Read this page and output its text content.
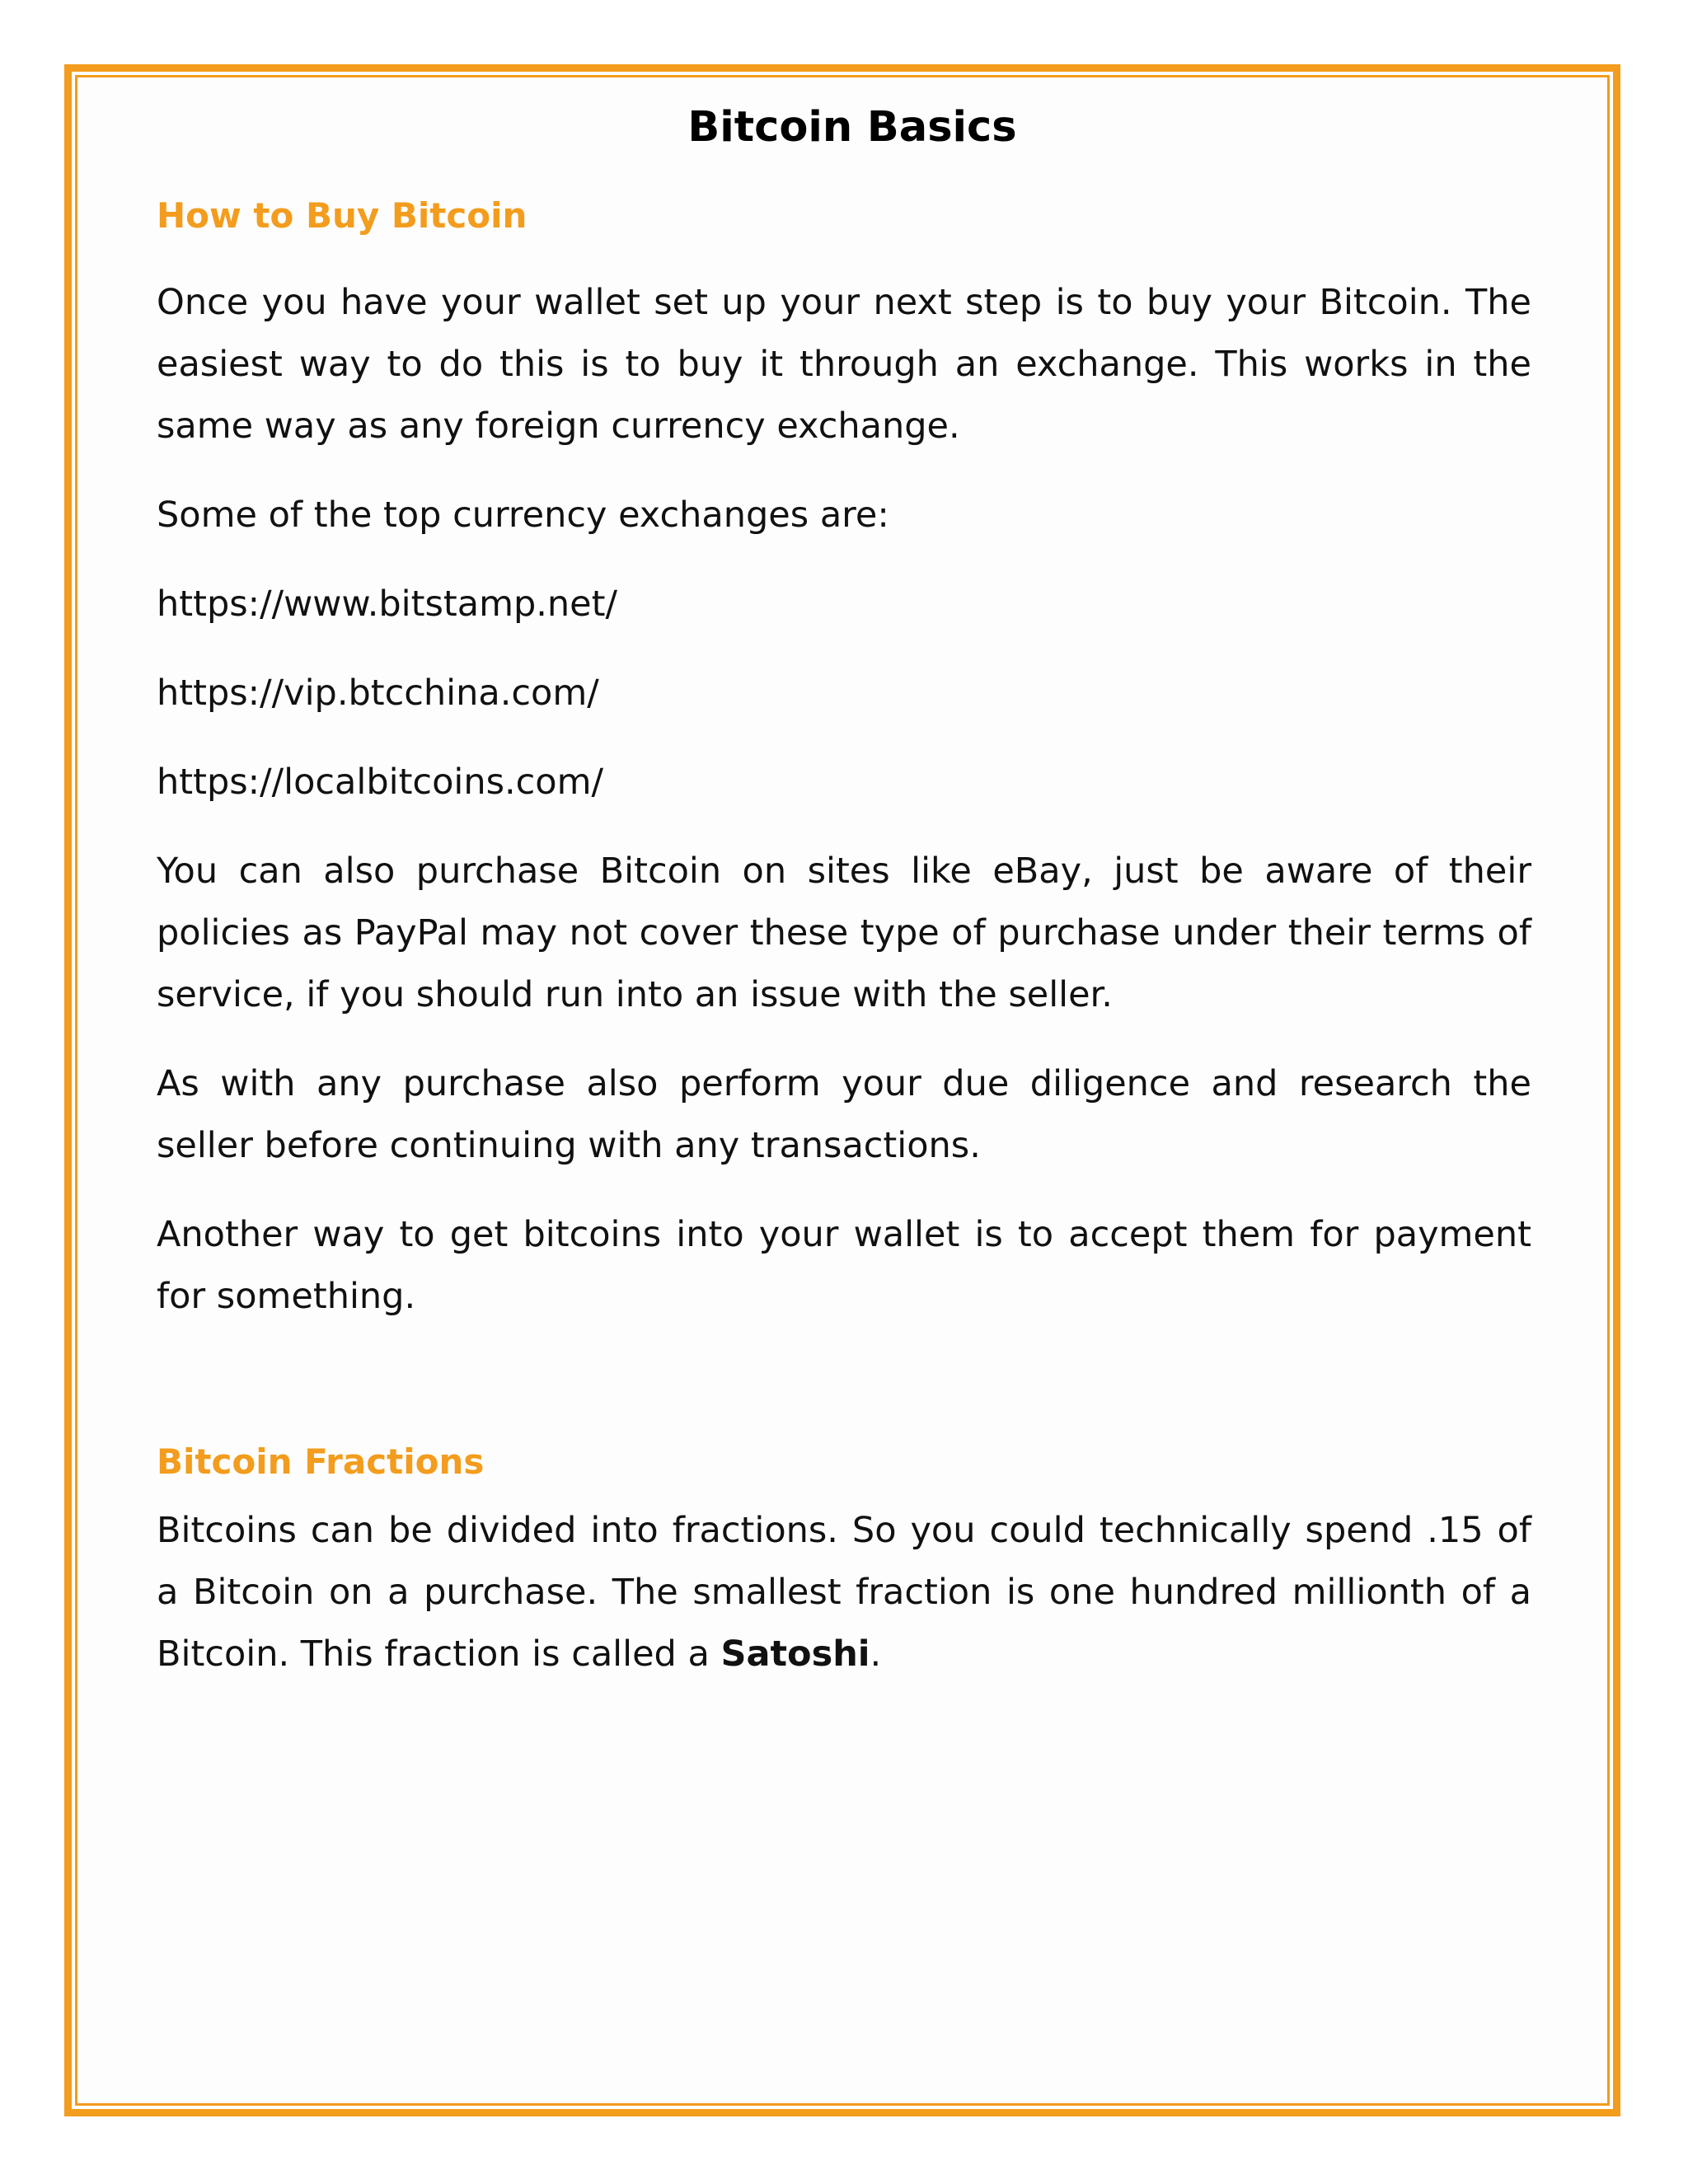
Bitcoin Basics
How to Buy Bitcoin

Once you have your wallet set up your next step is to buy your Bitcoin. The easiest way to do this is to buy it through an exchange. This works in the same way as any foreign currency exchange.

Some of the top currency exchanges are:

https://www.bitstamp.net/

https://vip.btcchina.com/

https://localbitcoins.com/

You can also purchase Bitcoin on sites like eBay, just be aware of their policies as PayPal may not cover these type of purchase under their terms of service, if you should run into an issue with the seller.

As with any purchase also perform your due diligence and research the seller before continuing with any transactions.

Another way to get bitcoins into your wallet is to accept them for payment for something.

Bitcoin Fractions

Bitcoins can be divided into fractions. So you could technically spend .15 of a Bitcoin on a purchase. The smallest fraction is one hundred millionth of a Bitcoin. This fraction is called a Satoshi.
